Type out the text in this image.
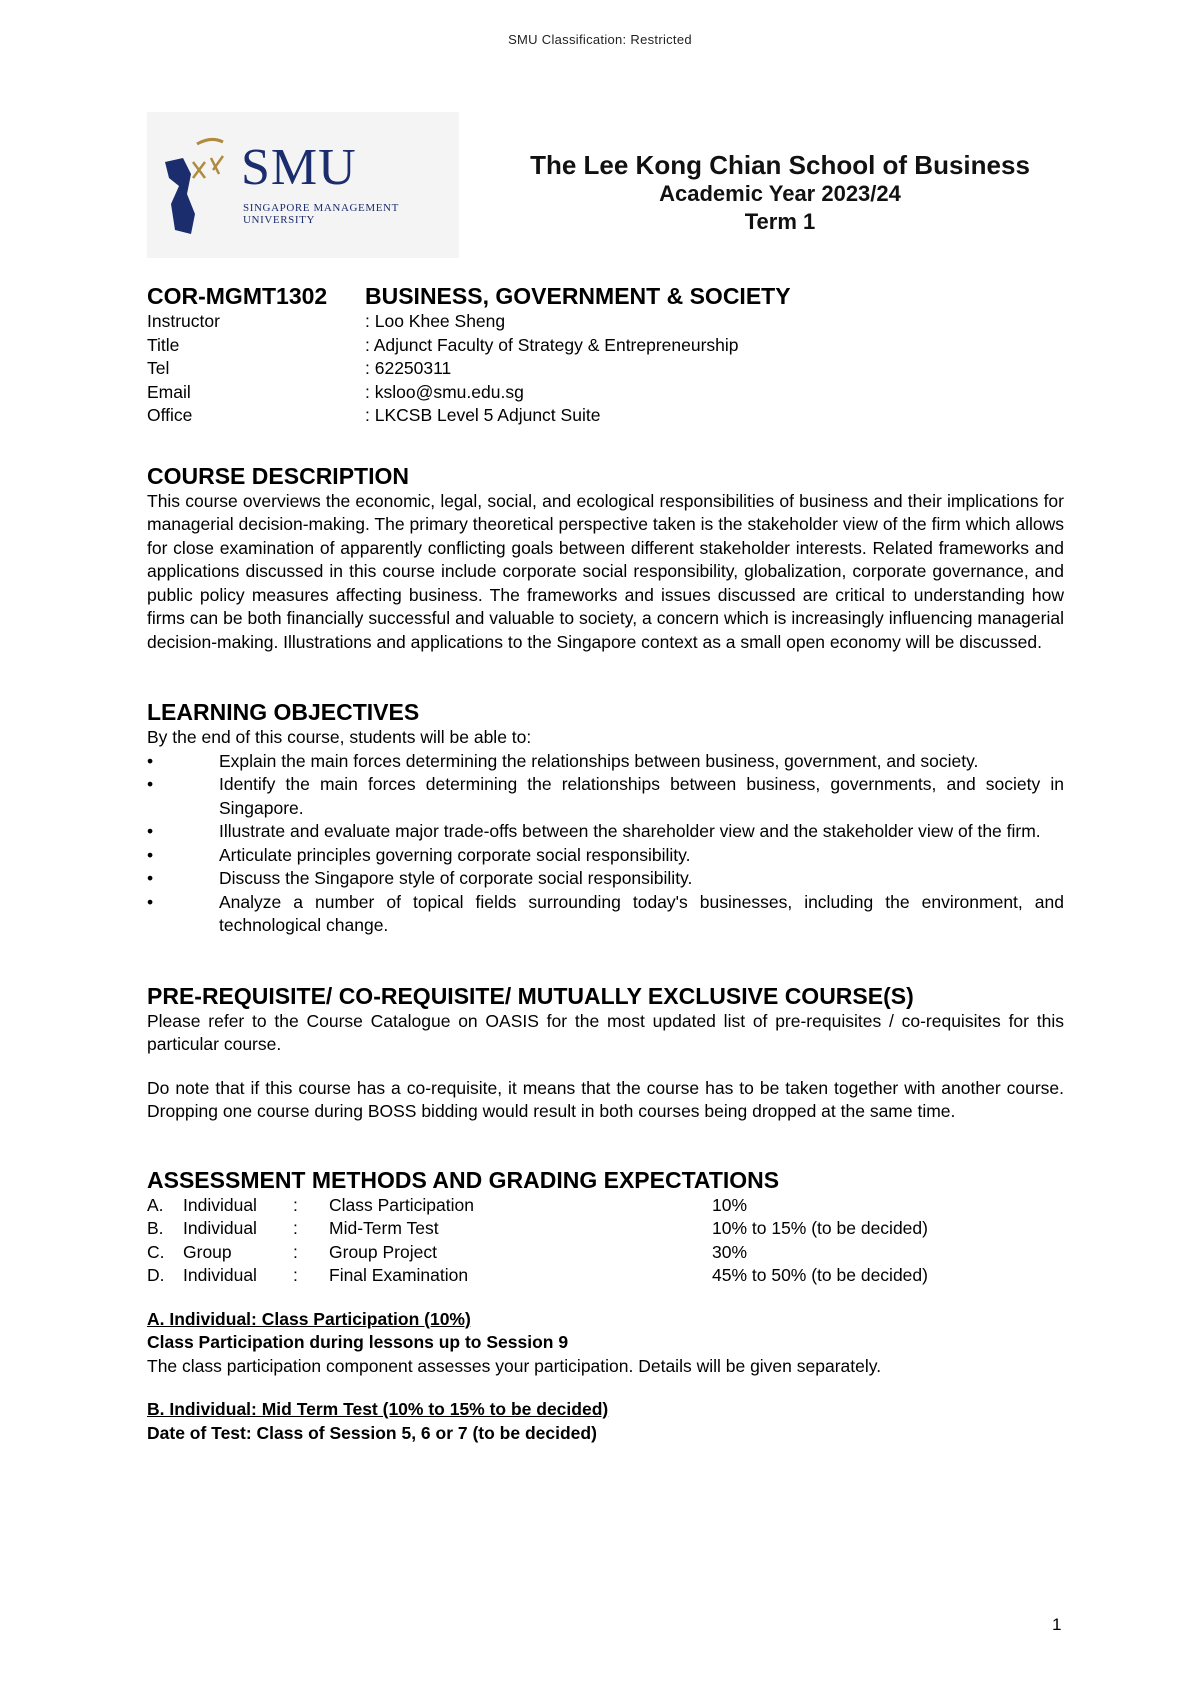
SMU Classification: Restricted
SMU
SINGAPORE MANAGEMENT
UNIVERSITY
The Lee Kong Chian School of Business
Academic Year 2023/24
Term 1
COR-MGMT1302 BUSINESS, GOVERNMENT & SOCIETY
Instructor	: Loo Khee Sheng
Title	: Adjunct Faculty of Strategy & Entrepreneurship
Tel	: 62250311
Email	: ksloo@smu.edu.sg
Office	: LKCSB Level 5 Adjunct Suite
COURSE DESCRIPTION

This course overviews the economic, legal, social, and ecological responsibilities of business and their implications for managerial decision-making. The primary theoretical perspective taken is the stakeholder view of the firm which allows for close examination of apparently conflicting goals between different stakeholder interests. Related frameworks and applications discussed in this course include corporate social responsibility, globalization, corporate governance, and public policy measures affecting business. The frameworks and issues discussed are critical to understanding how firms can be both financially successful and valuable to society, a concern which is increasingly influencing managerial decision-making. Illustrations and applications to the Singapore context as a small open economy will be discussed.

LEARNING OBJECTIVES

By the end of this course, students will be able to:

•	Explain the main forces determining the relationships between business, government, and society.
•	Identify the main forces determining the relationships between business, governments, and society in Singapore.
•	Illustrate and evaluate major trade-offs between the shareholder view and the stakeholder view of the firm.
•	Articulate principles governing corporate social responsibility.
•	Discuss the Singapore style of corporate social responsibility.
•	Analyze a number of topical fields surrounding today's businesses, including the environment, and technological change.
PRE-REQUISITE/ CO-REQUISITE/ MUTUALLY EXCLUSIVE COURSE(S)

Please refer to the Course Catalogue on OASIS for the most updated list of pre-requisites / co-requisites for this particular course.

Do note that if this course has a co-requisite, it means that the course has to be taken together with another course. Dropping one course during BOSS bidding would result in both courses being dropped at the same time.

ASSESSMENT METHODS AND GRADING EXPECTATIONS
A.	Individual	:	Class Participation	10%
B.	Individual	:	Mid-Term Test	10% to 15% (to be decided)
C.	Group	:	Group Project	30%
D.	Individual	:	Final Examination	45% to 50% (to be decided)

A. Individual: Class Participation (10%)

Class Participation during lessons up to Session 9

The class participation component assesses your participation. Details will be given separately.

B. Individual: Mid Term Test (10% to 15% to be decided)

Date of Test: Class of Session 5, 6 or 7 (to be decided)

1
